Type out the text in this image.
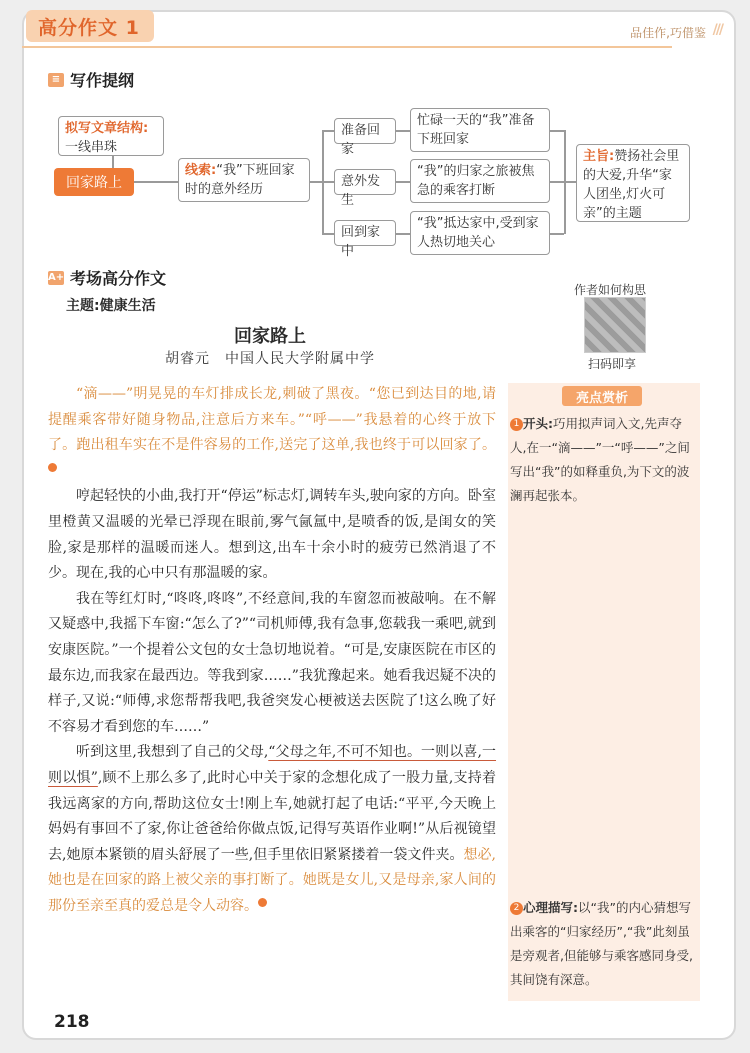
高分作文 1	品佳作,巧借鉴 ///
≡ 写作提纲
拟写文章结构:
一线串珠
回家路上
线索:“我”下班回家时的意外经历
准备回家
意外发生
回到家中
忙碌一天的“我”准备下班回家
“我”的归家之旅被焦急的乘客打断
“我”抵达家中,受到家人热切地关心
主旨:赞扬社会里的大爱,升华“家人团坐,灯火可亲”的主题
A+ 考场高分作文
主题:健康生活
作者如何构思
扫码即享
回家路上
胡睿元　中国人民大学附属中学

“滴——”明晃晃的车灯排成长龙,刺破了黑夜。“您已到达目的地,请提醒乘客带好随身物品,注意后方来车。”“呼——”我悬着的心终于放下了。跑出租车实在不是件容易的工作,送完了这单,我也终于可以回家了。1

哼起轻快的小曲,我打开“停运”标志灯,调转车头,驶向家的方向。卧室里橙黄又温暖的光晕已浮现在眼前,雾气氤氲中,是喷香的饭,是闺女的笑脸,家是那样的温暖而迷人。想到这,出车十余小时的疲劳已然消退了不少。现在,我的心中只有那温暖的家。

我在等红灯时,“咚咚,咚咚”,不经意间,我的车窗忽而被敲响。在不解又疑惑中,我摇下车窗:“怎么了?”“司机师傅,我有急事,您载我一乘吧,就到安康医院。”一个提着公文包的女士急切地说着。“可是,安康医院在市区的最东边,而我家在最西边。等我到家……”我犹豫起来。她看我迟疑不决的样子,又说:“师傅,求您帮帮我吧,我爸突发心梗被送去医院了!这么晚了好不容易才看到您的车……”

听到这里,我想到了自己的父母,“父母之年,不可不知也。一则以喜,一则以惧”,顾不上那么多了,此时心中关于家的念想化成了一股力量,支持着我远离家的方向,帮助这位女士!刚上车,她就打起了电话:“平平,今天晚上妈妈有事回不了家,你让爸爸给你做点饭,记得写英语作业啊!”从后视镜望去,她原本紧锁的眉头舒展了一些,但手里依旧紧紧搂着一袋文件夹。想必,她也是在回家的路上被父亲的事打断了。她既是女儿,又是母亲,家人间的那份至亲至真的爱总是令人动容。	2

亮点赏析
1 开头:巧用拟声词入文,先声夺人,在一“滴——”一“呼——”之间写出“我”的如释重负,为下文的波澜再起张本。
2 心理描写:以“我”的内心猜想写出乘客的“归家经历”,“我”此刻虽是旁观者,但能够与乘客感同身受,其间饶有深意。
218
